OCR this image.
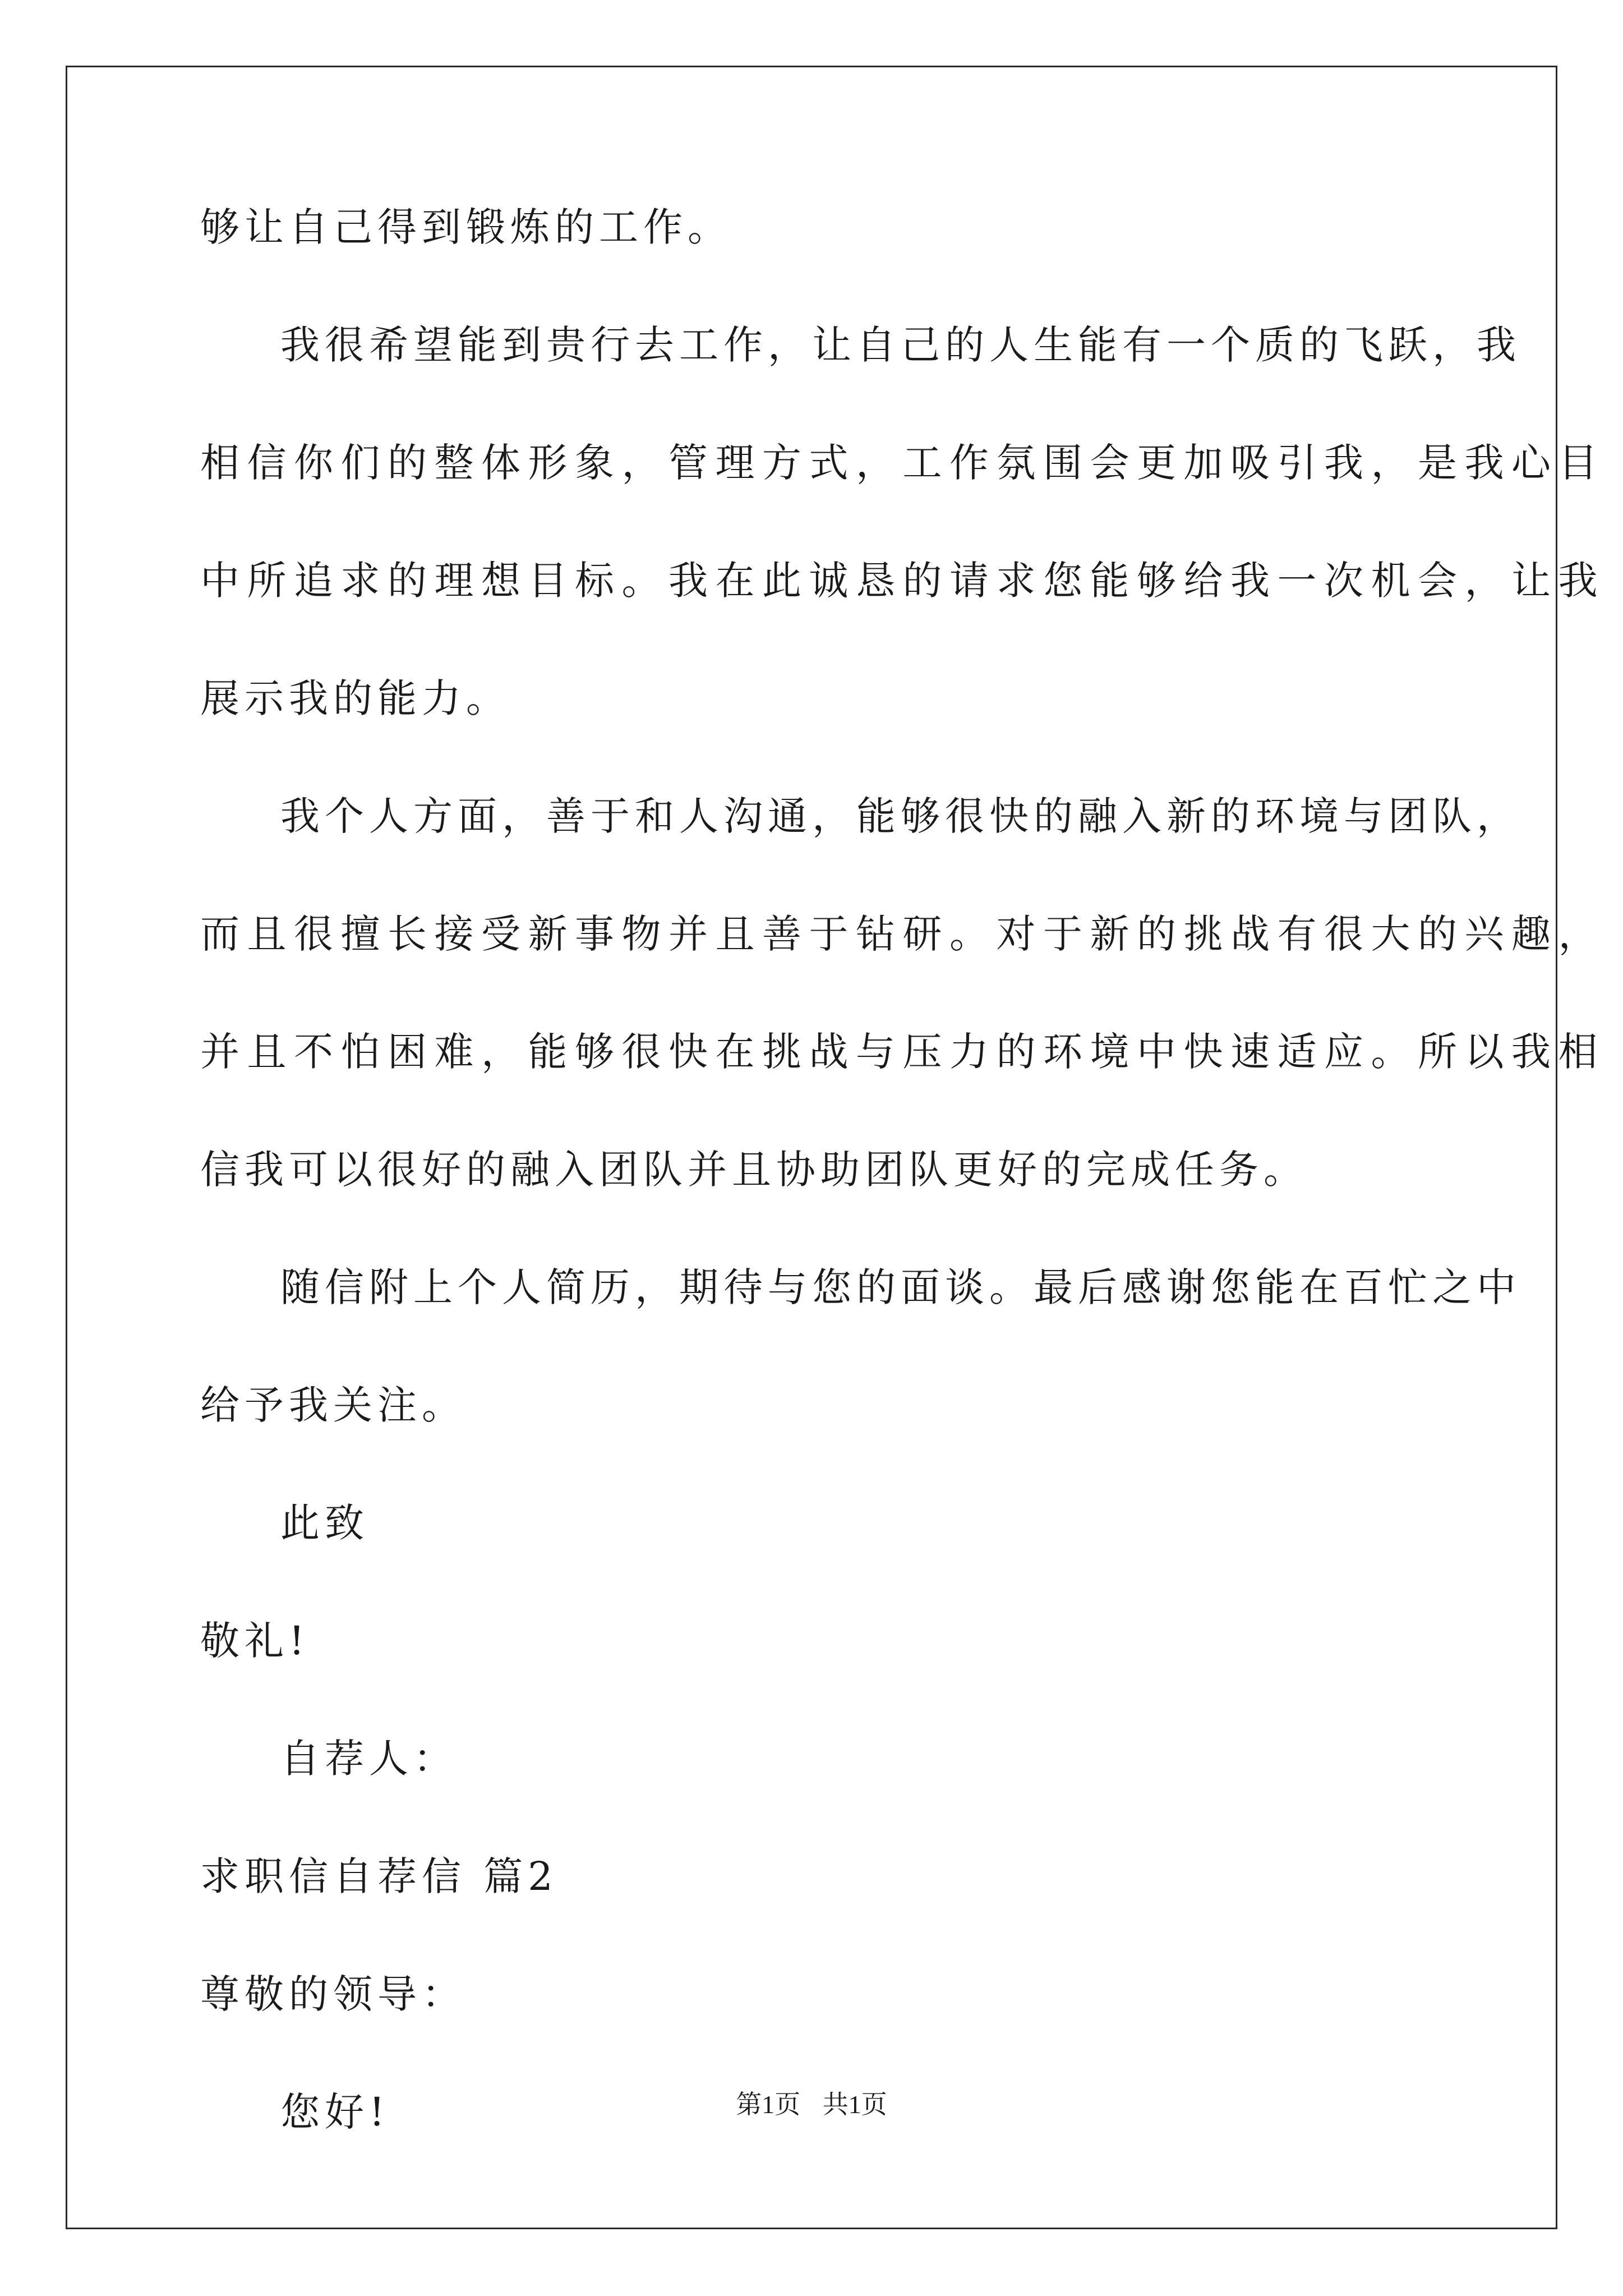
够让自己得到锻炼的工作。
我很希望能到贵行去工作，让自己的人生能有一个质的飞跃，我
相信你们的整体形象，管理方式，工作氛围会更加吸引我，是我心目
中所追求的理想目标。我在此诚恳的请求您能够给我一次机会，让我
展示我的能力。
我个人方面，善于和人沟通，能够很快的融入新的环境与团队，
而且很擅长接受新事物并且善于钻研。对于新的挑战有很大的兴趣，
并且不怕困难，能够很快在挑战与压力的环境中快速适应。所以我相
信我可以很好的融入团队并且协助团队更好的完成任务。
随信附上个人简历，期待与您的面谈。最后感谢您能在百忙之中
给予我关注。
此致
敬礼!
自荐人：
求职信自荐信 篇2
尊敬的领导：
您好!	第1页 共1页
